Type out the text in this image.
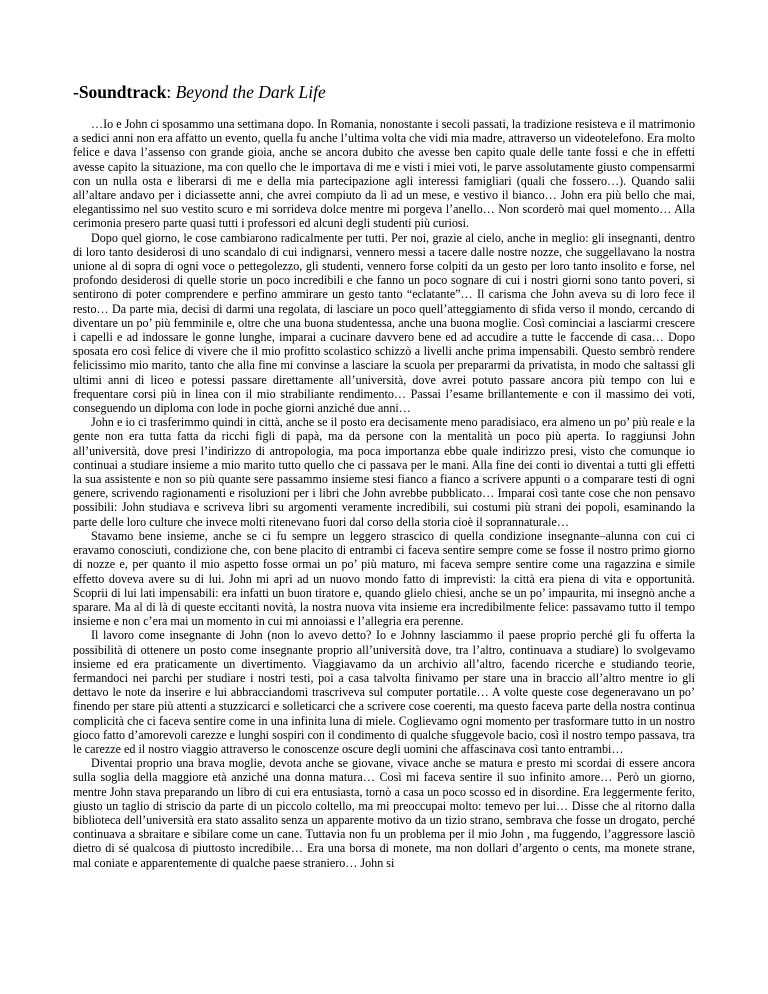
-Soundtrack: Beyond the Dark Life

…Io e John ci sposammo una settimana dopo. In Romania, nonostante i secoli passati, la tradizione resisteva e il matrimonio a sedici anni non era affatto un evento, quella fu anche l’ultima volta che vidi mia madre, attraverso un videotelefono. Era molto felice e dava l’assenso con grande gioia, anche se ancora dubito che avesse ben capito quale delle tante fossi e che in effetti avesse capito la situazione, ma con quello che le importava di me e visti i miei voti, le parve assolutamente giusto compensarmi con un nulla osta e liberarsi di me e della mia partecipazione agli interessi famigliari (quali che fossero…). Quando salii all’altare andavo per i diciassette anni, che avrei compiuto da lì ad un mese, e vestivo il bianco… John era più bello che mai, elegantissimo nel suo vestito scuro e mi sorrideva dolce mentre mi porgeva l’anello… Non scorderò mai quel momento… Alla cerimonia presero parte quasi tutti i professori ed alcuni degli studenti più curiosi.

Dopo quel giorno, le cose cambiarono radicalmente per tutti. Per noi, grazie al cielo, anche in meglio: gli insegnanti, dentro di loro tanto desiderosi di uno scandalo di cui indignarsi, vennero messi a tacere dalle nostre nozze, che suggellavano la nostra unione al di sopra di ogni voce o pettegolezzo, gli studenti, vennero forse colpiti da un gesto per loro tanto insolito e forse, nel profondo desiderosi di quelle storie un poco incredibili e che fanno un poco sognare di cui i nostri giorni sono tanto poveri, si sentirono di poter comprendere e perfino ammirare un gesto tanto “eclatante”… Il carisma che John aveva su di loro fece il resto… Da parte mia, decisi di darmi una regolata, di lasciare un poco quell’atteggiamento di sfida verso il mondo, cercando di diventare un po’ più femminile e, oltre che una buona studentessa, anche una buona moglie. Così cominciai a lasciarmi crescere i capelli e ad indossare le gonne lunghe, imparai a cucinare davvero bene ed ad accudire a tutte le faccende di casa… Dopo sposata ero così felice di vivere che il mio profitto scolastico schizzò a livelli anche prima impensabili. Questo sembrò rendere felicissimo mio marito, tanto che alla fine mi convinse a lasciare la scuola per prepararmi da privatista, in modo che saltassi gli ultimi anni di liceo e potessi passare direttamente all’università, dove avrei potuto passare ancora più tempo con lui e frequentare corsi più in linea con il mio strabiliante rendimento… Passai l’esame brillantemente e con il massimo dei voti, conseguendo un diploma con lode in poche giorni anziché due anni…

John e io ci trasferimmo quindi in città, anche se il posto era decisamente meno paradisiaco, era almeno un po’ più reale e la gente non era tutta fatta da ricchi figli di papà, ma da persone con la mentalità un poco più aperta. Io raggiunsi John all’università, dove presi l’indirizzo di antropologia, ma poca importanza ebbe quale indirizzo presi, visto che comunque io continuai a studiare insieme a mio marito tutto quello che ci passava per le mani. Alla fine dei conti io diventai a tutti gli effetti la sua assistente e non so più quante sere passammo insieme stesi fianco a fianco a scrivere appunti o a comparare testi di ogni genere, scrivendo ragionamenti e risoluzioni per i libri che John avrebbe pubblicato… Imparai così tante cose che non pensavo possibili: John studiava e scriveva libri su argomenti veramente incredibili, sui costumi più strani dei popoli, esaminando la parte delle loro culture che invece molti ritenevano fuori dal corso della storia cioè il soprannaturale…

Stavamo bene insieme, anche se ci fu sempre un leggero strascico di quella condizione insegnante–alunna con cui ci eravamo conosciuti, condizione che, con bene placito di entrambi ci faceva sentire sempre come se fosse il nostro primo giorno di nozze e, per quanto il mio aspetto fosse ormai un po’ più maturo, mi faceva sempre sentire come una ragazzina e simile effetto doveva avere su di lui. John mi aprì ad un nuovo mondo fatto di imprevisti: la città era piena di vita e opportunità. Scoprii di lui lati impensabili: era infatti un buon tiratore e, quando glielo chiesi, anche se un po’ impaurita, mi insegnò anche a sparare. Ma al di là di queste eccitanti novità, la nostra nuova vita insieme era incredibilmente felice: passavamo tutto il tempo insieme e non c’era mai un momento in cui mi annoiassi e l’allegria era perenne.

Il lavoro come insegnante di John (non lo avevo detto? Io e Johnny lasciammo il paese proprio perché gli fu offerta la possibilità di ottenere un posto come insegnante proprio all’università dove, tra l’altro, continuava a studiare) lo svolgevamo insieme ed era praticamente un divertimento. Viaggiavamo da un archivio all’altro, facendo ricerche e studiando teorie, fermandoci nei parchi per studiare i nostri testi, poi a casa talvolta finivamo per stare una in braccio all’altro mentre io gli dettavo le note da inserire e lui abbracciandomi trascriveva sul computer portatile… A volte queste cose degeneravano un po’ finendo per stare più attenti a stuzzicarci e solleticarci che a scrivere cose coerenti, ma questo faceva parte della nostra continua complicità che ci faceva sentire come in una infinita luna di miele. Coglievamo ogni momento per trasformare tutto in un nostro gioco fatto d’amorevoli carezze e lunghi sospiri con il condimento di qualche sfuggevole bacio, così il nostro tempo passava, tra le carezze ed il nostro viaggio attraverso le conoscenze oscure degli uomini che affascinava così tanto entrambi…

Diventai proprio una brava moglie, devota anche se giovane, vivace anche se matura e presto mi scordai di essere ancora sulla soglia della maggiore età anziché una donna matura… Così mi faceva sentire il suo infinito amore… Però un giorno, mentre John stava preparando un libro di cui era entusiasta, tornò a casa un poco scosso ed in disordine. Era leggermente ferito, giusto un taglio di striscio da parte di un piccolo coltello, ma mi preoccupai molto: temevo per lui… Disse che al ritorno dalla biblioteca dell’università era stato assalito senza un apparente motivo da un tizio strano, sembrava che fosse un drogato, perché continuava a sbraitare e sibilare come un cane. Tuttavia non fu un problema per il mio John , ma fuggendo, l’aggressore lasciò dietro di sé qualcosa di piuttosto incredibile… Era una borsa di monete, ma non dollari d’argento o cents, ma monete strane, mal coniate e apparentemente di qualche paese straniero… John si
